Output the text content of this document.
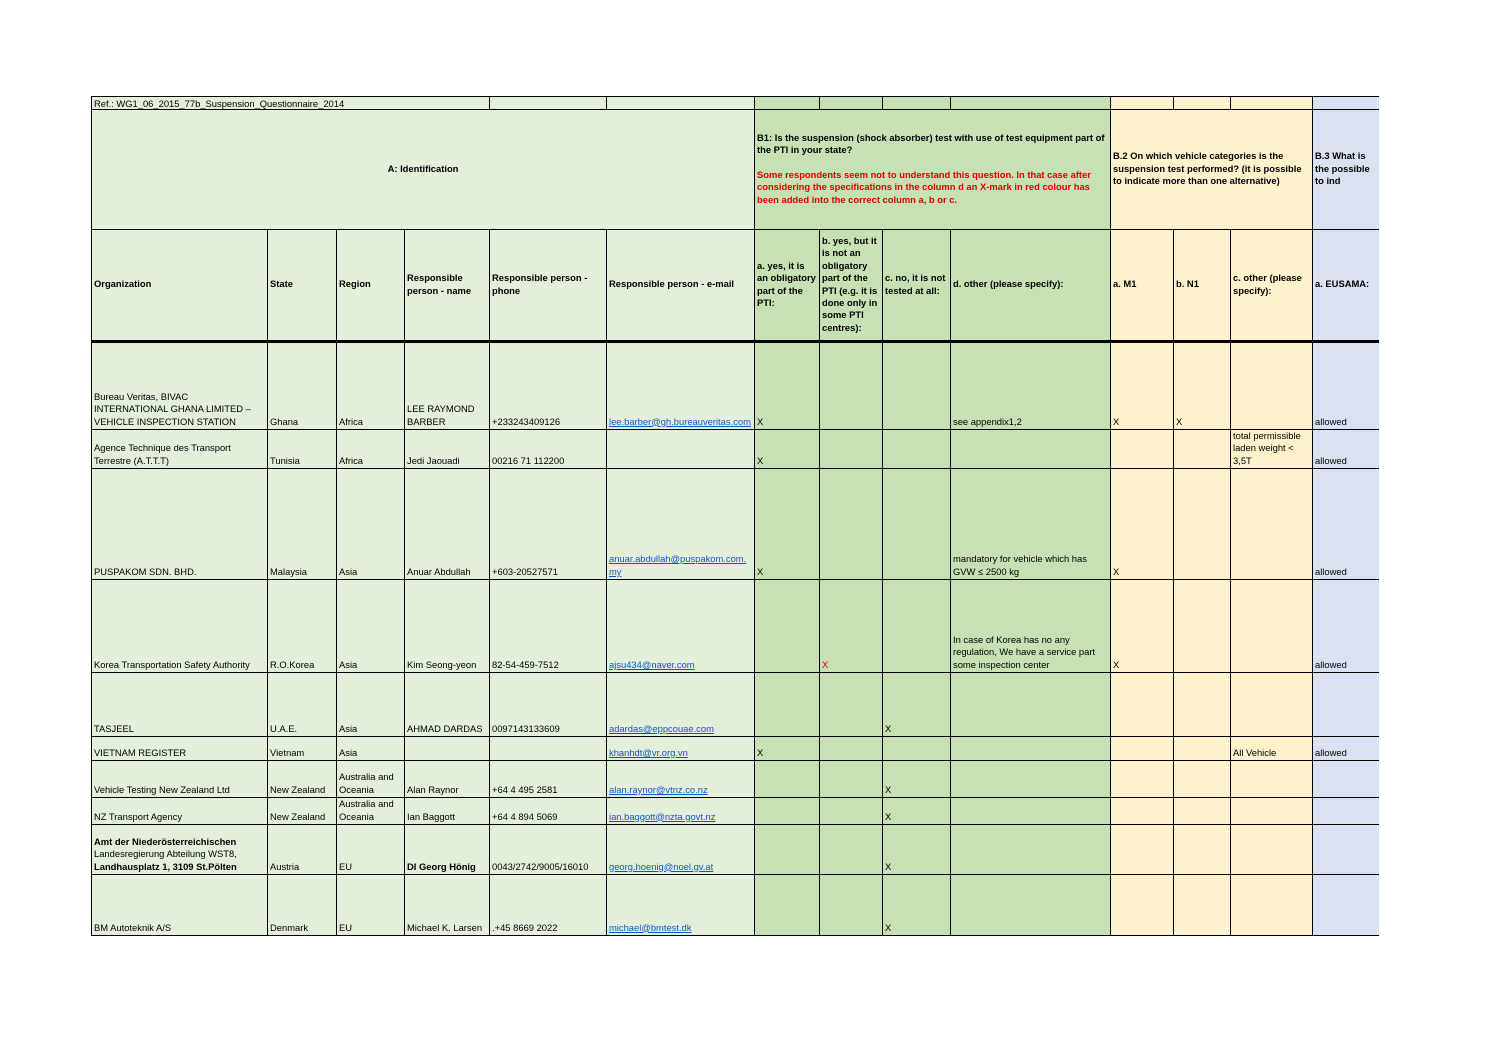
Ref.: WG1_06_2015_77b_Suspension_Questionnaire_2014													
A: Identification						B1: Is the suspension (shock absorber) test with use of test equipment part of the PTI in your state?
Some respondents seem not to understand this question. In that case after considering the specifications in the column d an X-mark in red colour has been added into the correct column a, b or c.				B.2 On which vehicle categories is the suspension test performed? (it is possible to indicate more than one alternative)			B.3 What is the possible to ind
Organization	State	Region	Responsible person - name	Responsible person - phone	Responsible person - e-mail	a. yes, it is an obligatory part of the PTI:	b. yes, but it is not an obligatory part of the PTI (e.g. it is done only in some PTI centres):	c. no, it is not tested at all:	d. other (please specify):	a. M1	b. N1	c. other (please specify):	a. EUSAMA:
Bureau Veritas, BIVAC
INTERNATIONAL GHANA LIMITED –
VEHICLE INSPECTION STATION	Ghana	Africa	LEE RAYMOND BARBER	+233243409126	lee.barber@gh.bureauveritas.com	X			see appendix1,2	X	X		allowed
Agence Technique des Transport
Terrestre (A.T.T.T)	Tunisia	Africa	Jedi Jaouadi	00216 71 112200		X						total permissible laden weight < 3,5T	allowed
PUSPAKOM SDN. BHD.	Malaysia	Asia	Anuar Abdullah	+603-20527571	anuar.abdullah@puspakom.com.my	X			mandatory for vehicle which has GVW ≤ 2500 kg	X			allowed
Korea Transportation Safety Authority	R.O.Korea	Asia	Kim Seong-yeon	82-54-459-7512	ajsu434@naver.com		X		In case of Korea has no any regulation, We have a service part some inspection center	X			allowed
TASJEEL	U.A.E.	Asia	AHMAD DARDAS	0097143133609	adardas@eppcouae.com			X					
VIETNAM REGISTER	Vietnam	Asia			khanhdt@vr.org.vn	X						All Vehicle	allowed
Vehicle Testing New Zealand Ltd	New Zealand	Australia and Oceania	Alan Raynor	+64 4 495 2581	alan.raynor@vtnz.co.nz			X					
NZ Transport Agency	New Zealand	Australia and Oceania	Ian Baggott	+64 4 894 5069	ian.baggott@nzta.govt.nz			X					
Amt der Niederösterreichischen
Landesregierung Abteilung WST8,
Landhausplatz 1, 3109 St.Pölten	Austria	EU	DI Georg Hönig	0043/2742/9005/16010	georg.hoenig@noel.gv.at			X					
BM Autoteknik A/S	Denmark	EU	Michael K. Larsen	.+45 8669 2022	michael@bmtest.dk			X					
